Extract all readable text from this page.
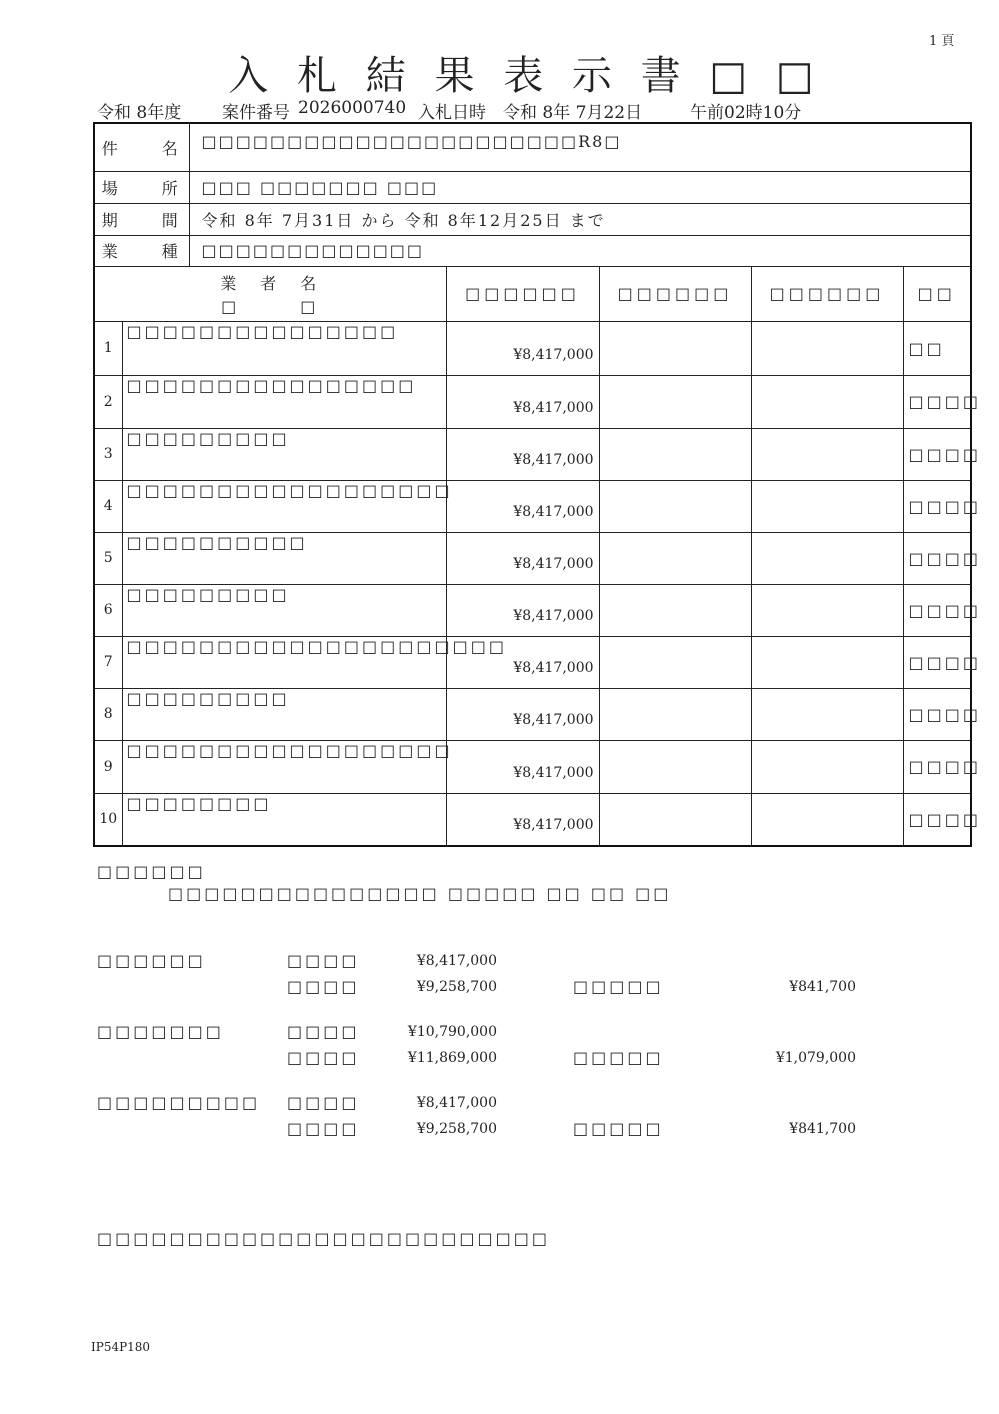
1 頁
入 札 結 果 表 示 書 □ □
令和 8年度 案件番号 2026000740 入札日時 令和 8年 7月22日	午前02時10分
件　　名		□□□□□□□□□□□□□□□□□□□□□□R8□				
場　　所		□□□ □□□□□□□ □□□				
期　　間		令和 8年 7月31日 から 令和 8年12月25日 まで				
業　　種		□□□□□□□□□□□□□				

業　者　名
□　　　□			□□□□□□	□□□□□□	□□□□□□	□□
1	□□□□□□□□□□□□□□□		¥8,417,000			□□
2	□□□□□□□□□□□□□□□□		¥8,417,000			□□□□
3	□□□□□□□□□		¥8,417,000			□□□□
4	□□□□□□□□□□□□□□□□□□		¥8,417,000			□□□□
5	□□□□□□□□□□		¥8,417,000			□□□□
6	□□□□□□□□□		¥8,417,000			□□□□
7	□□□□□□□□□□□□□□□□□□□□□		¥8,417,000			□□□□
8	□□□□□□□□□		¥8,417,000			□□□□
9	□□□□□□□□□□□□□□□□□□		¥8,417,000			□□□□
10	□□□□□□□□		¥8,417,000			□□□□
□□□□□□
□□□□□□□□□□□□□□□ □□□□□ □□ □□ □□
□□□□□□	□□□□	¥8,417,000
□□□□	¥9,258,700	□□□□□	¥841,700
□□□□□□□	□□□□	¥10,790,000
□□□□	¥11,869,000	□□□□□	¥1,079,000
□□□□□□□□□ □□□□	¥8,417,000
□□□□	¥9,258,700	□□□□□	¥841,700
□□□□□□□□□□□□□□□□□□□□□□□□□
IP54P180
